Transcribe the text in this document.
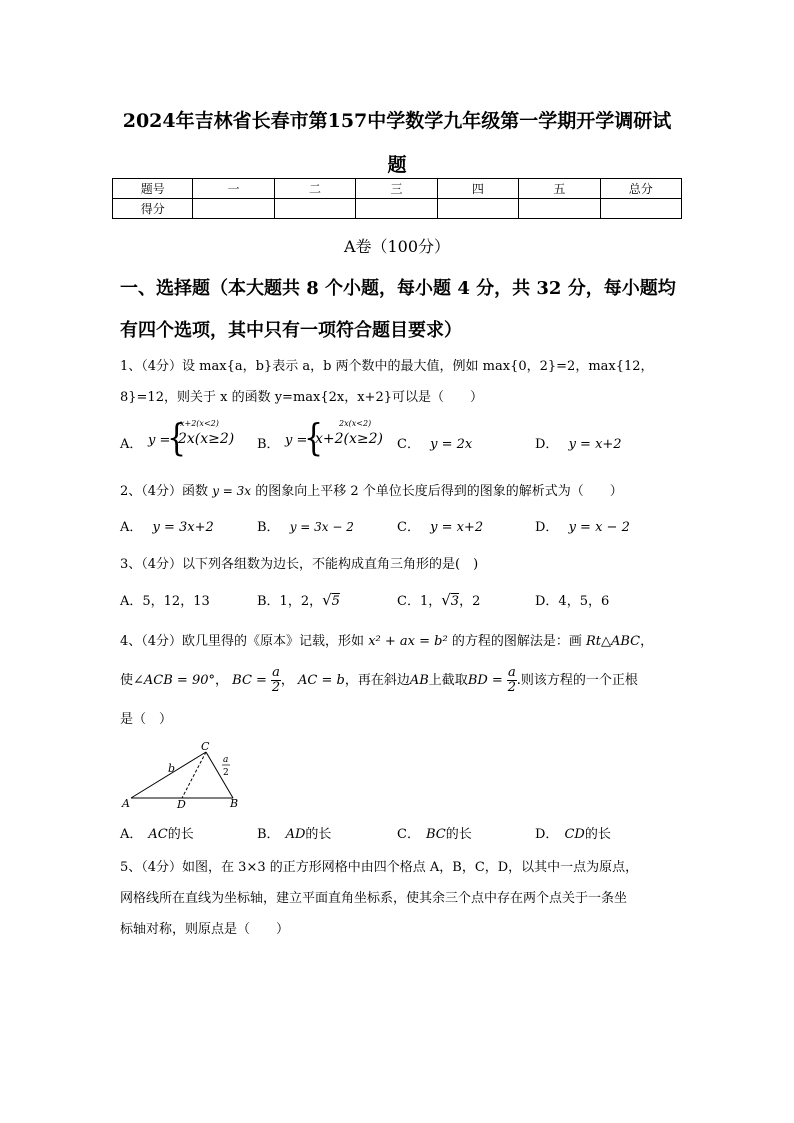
2024年吉林省长春市第157中学数学九年级第一学期开学调研试
题
题号	一	二	三	四	五	总分
得分						
A卷（100分）
一、选择题（本大题共 8 个小题，每小题 4 分，共 32 分，每小题均
有四个选项，其中只有一项符合题目要求）
1、（4分）设 max{a，b}表示 a，b 两个数中的最大值，例如 max{0，2}=2，max{12，
8}=12，则关于 x 的函数 y=max{2x，x+2}可以是（　　）
A． y =
{
x+2(x<2)
2x(x≥2) B． y =
{ 2x(x<2)
x+2(x≥2) C． y = 2x	D． y = x+2
2、（4分）函数 y = 3x 的图象向上平移 2 个单位长度后得到的图象的解析式为（　　）
A． y = 3x+2	B． y = 3x − 2	C． y = x+2	D． y = x − 2
3、（4分）以下列各组数为边长，不能构成直角三角形的是(　)
A．5，12，13	B．1，2，√5	C．1，√3，2	D．4，5，6
4、（4分）欧几里得的《原本》记载，形如 x² + ax = b² 的方程的图解法是：画 Rt△ABC，
使∠ACB = 90°， BC = $\frac{a}{2}$ ， AC = b，再在斜边AB上截取BD = $\frac{a}{2}$ .则该方程的一个正根
是（　）
A	B
C
D
b
a
2
A． AC的长	B． AD的长	C． BC的长	D． CD的长
5、（4分）如图，在 3×3 的正方形网格中由四个格点 A，B，C，D，以其中一点为原点，
网格线所在直线为坐标轴，建立平面直角坐标系，使其余三个点中存在两个点关于一条坐
标轴对称，则原点是（　　）
